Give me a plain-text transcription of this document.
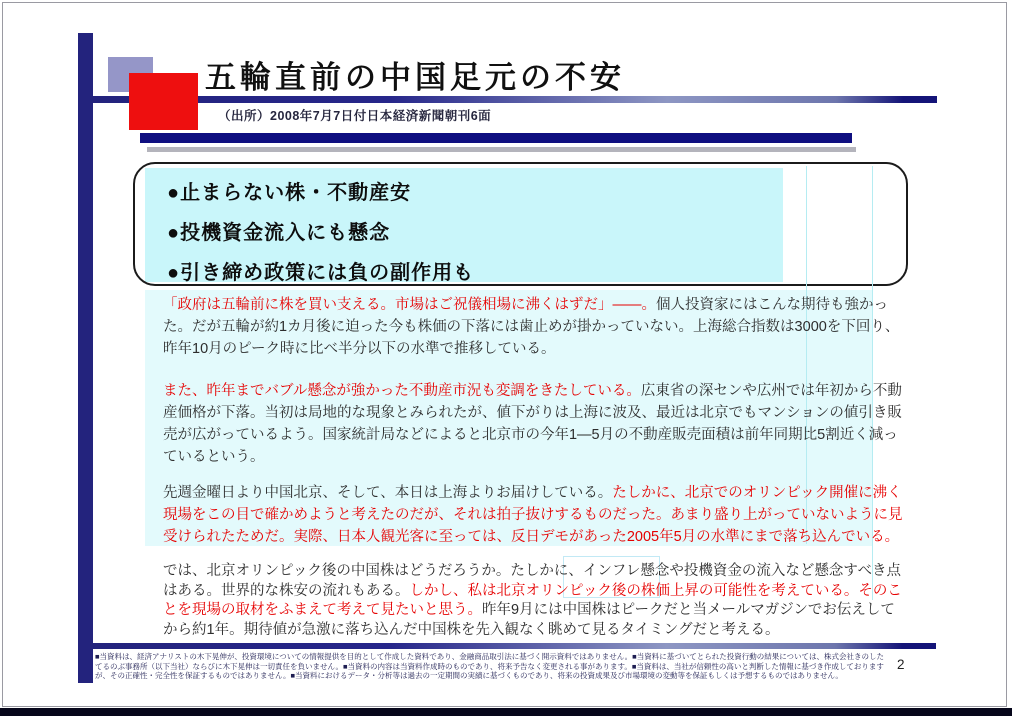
五輪直前の中国足元の不安
（出所）2008年7月7日付日本経済新聞朝刊6面
●止まらない株・不動産安
●投機資金流入にも懸念
●引き締め政策には負の副作用も

「政府は五輪前に株を買い支える。市場はご祝儀相場に沸くはずだ」——。個人投資家にはこんな期待も強かった。だが五輪が約1カ月後に迫った今も株価の下落には歯止めが掛かっていない。上海総合指数は3000を下回り、昨年10月のピーク時に比べ半分以下の水準で推移している。

また、昨年までバブル懸念が強かった不動産市況も変調をきたしている。広東省の深センや広州では年初から不動産価格が下落。当初は局地的な現象とみられたが、値下がりは上海に波及、最近は北京でもマンションの値引き販売が広がっているよう。国家統計局などによると北京市の今年1—5月の不動産販売面積は前年同期比5割近く減っているという。

先週金曜日より中国北京、そして、本日は上海よりお届けしている。たしかに、北京でのオリンピック開催に沸く現場をこの目で確かめようと考えたのだが、それは拍子抜けするものだった。あまり盛り上がっていないように見受けられたためだ。実際、日本人観光客に至っては、反日デモがあった2005年5月の水準にまで落ち込んでいる。

では、北京オリンピック後の中国株はどうだろうか。たしかに、インフレ懸念や投機資金の流入など懸念すべき点はある。世界的な株安の流れもある。しかし、私は北京オリンピック後の株価上昇の可能性を考えている。そのことを現場の取材をふまえて考えて見たいと思う。昨年9月には中国株はピークだと当メールマガジンでお伝えしてから約1年。期待値が急激に落ち込んだ中国株を先入観なく眺めて見るタイミングだと考える。

■当資料は、経済アナリストの木下晃伸が、投資環境についての情報提供を目的として作成した資料であり、金融商品取引法に基づく開示資料ではありません。■当資料に基づいてとられた投資行動の結果については、株式会社きのした
てるのぶ事務所（以下当社）ならびに木下晃伸は一切責任を負いません。■当資料の内容は当資料作成時のものであり、将来予告なく変更される事があります。■当資料は、当社が信頼性の高いと判断した情報に基づき作成しております
が、その正確性・完全性を保証するものではありません。■当資料におけるデータ・分析等は過去の一定期間の実績に基づくものであり、将来の投資成果及び市場環境の変動等を保証もしくは予想するものではありません。
2
